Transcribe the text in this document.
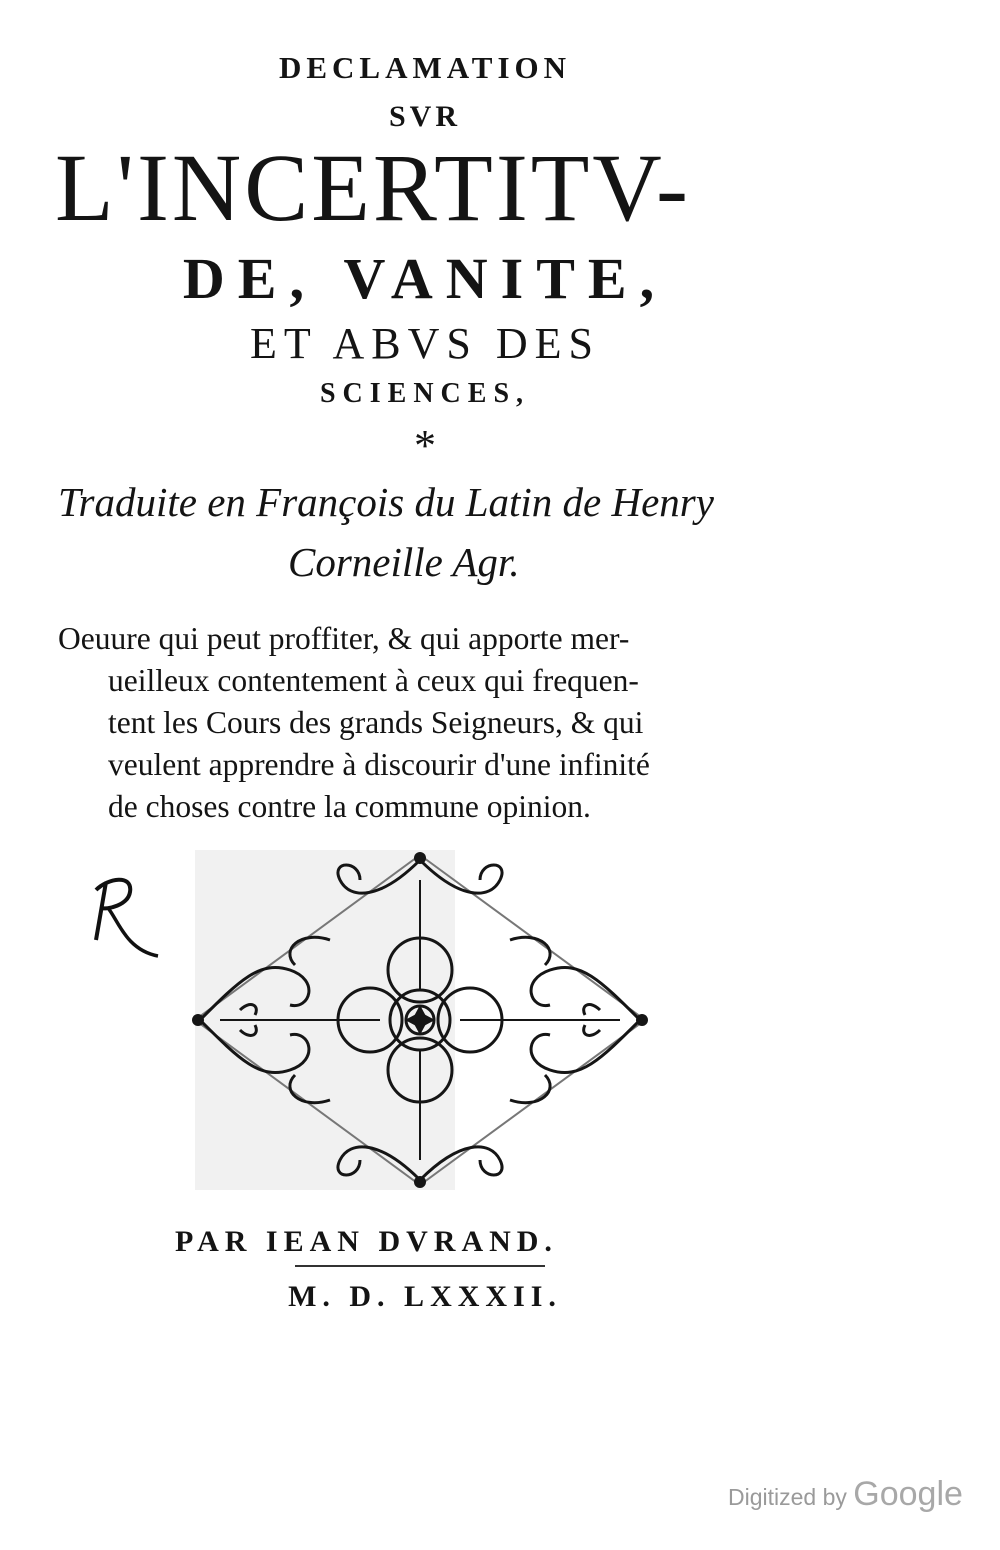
DECLAMATION
SVR
L'INCERTITV-
DE, VANITE,
ET ABVS DES
SCIENCES,
*
Traduite en François du Latin de Henry
Corneille Agr.
Oeuure qui peut proffiter, & qui apporte mer-
ueilleux contentement à ceux qui frequen-
tent les Cours des grands Seigneurs, & qui
veulent apprendre à discourir d'une infinité
de choses contre la commune opinion.
PAR IEAN DVRAND.
M. D. LXXXII.
Digitized by Google
